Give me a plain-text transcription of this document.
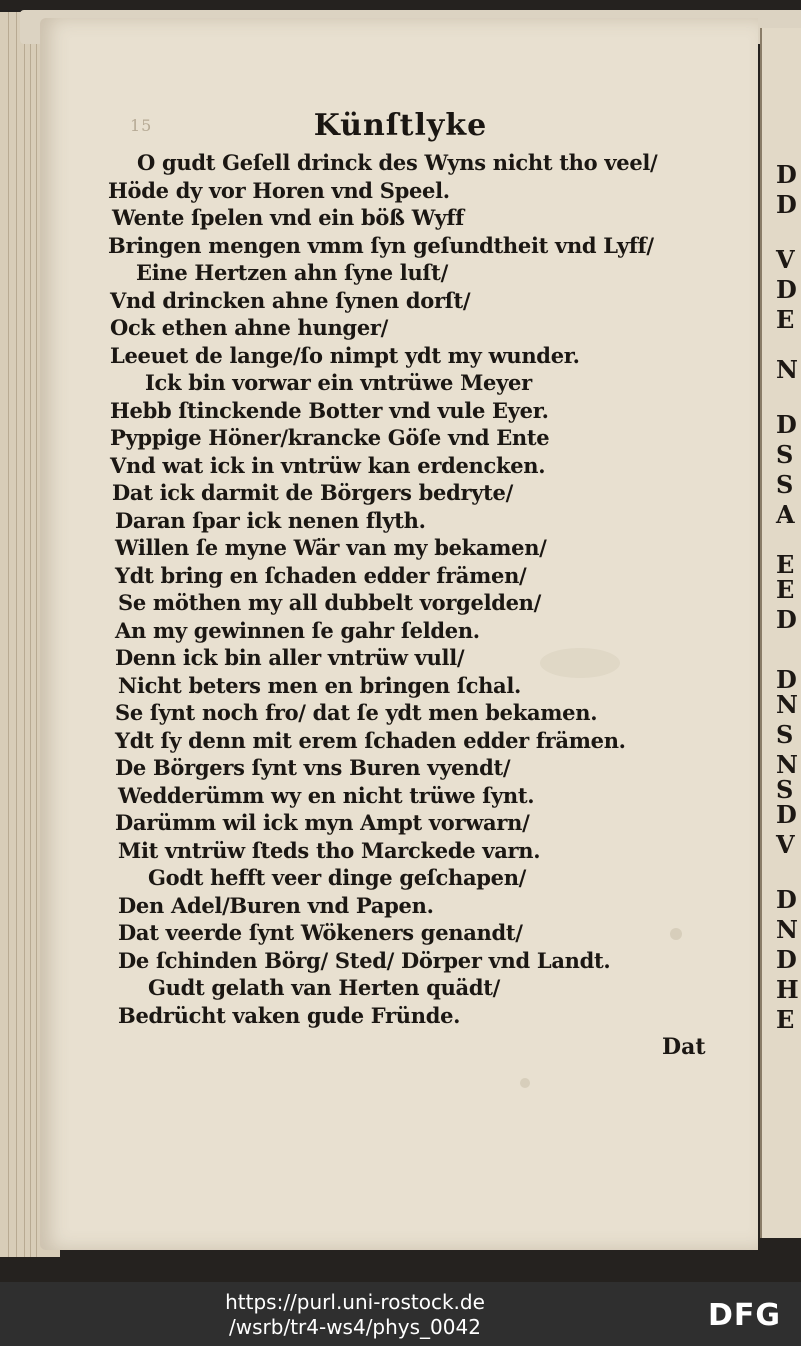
D
D
V
D
E
N
D
S
S
A
E
E
D
D
N
S
N
S
D
V
D
N
D
H
E
15	Künſtlyke
O gudt Geſell drinck des Wyns nicht tho veel/
Höde dy vor Horen vnd Speel.
Wente ſpelen vnd ein böß Wyff
Bringen mengen vmm ſyn geſundtheit vnd Lyff/
Eine Hertzen ahn ſyne luſt/
Vnd drincken ahne ſynen dorſt/
Ock ethen ahne hunger/
Leeuet de lange/ſo nimpt ydt my wunder.
Ick bin vorwar ein vntrüwe Meyer
Hebb ſtinckende Botter vnd vule Eyer.
Pyppige Höner/krancke Göſe vnd Ente
Vnd wat ick in vntrüw kan erdencken.
Dat ick darmit de Börgers bedryte/
Daran ſpar ick nenen flyth.
Willen ſe myne Wär van my bekamen/
Ydt bring en ſchaden edder främen/
Se möthen my all dubbelt vorgelden/
An my gewinnen ſe gahr ſelden.
Denn ick bin aller vntrüw vull/
Nicht beters men en bringen ſchal.
Se ſynt noch fro/ dat ſe ydt men bekamen.
Ydt ſy denn mit erem ſchaden edder främen.
De Börgers ſynt vns Buren vyendt/
Wedderümm wy en nicht trüwe ſynt.
Darümm wil ick myn Ampt vorwarn/
Mit vntrüw ſteds tho Marckede varn.
Godt hefft veer dinge geſchapen/
Den Adel/Buren vnd Papen.
Dat veerde ſynt Wökeners genandt/
De ſchinden Börg/ Sted/ Dörper vnd Landt.
Gudt gelath van Herten quädt/
Bedrücht vaken gude Fründe.
Dat
https://purl.uni-rostock.de
/wsrb/tr4-ws4/phys_0042	DFG
